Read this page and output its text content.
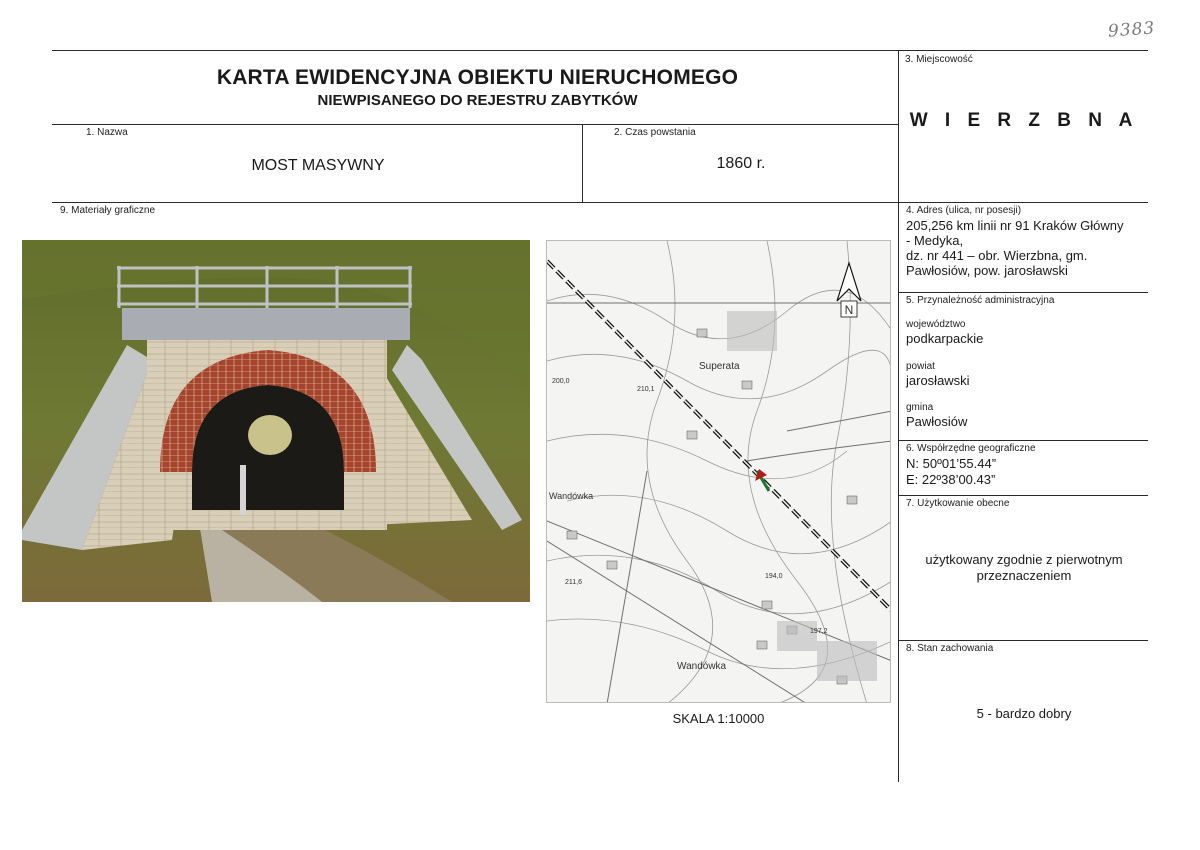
9383
KARTA EWIDENCYJNA OBIEKTU NIERUCHOMEGO
NIEWPISANEGO DO REJESTRU ZABYTKÓW
3. Miejscowość
W I E R Z B N A
1. Nazwa
MOST MASYWNY
2. Czas powstania
1860 r.
9. Materiały graficzne	4. Adres (ulica, nr posesji)
205,256 km linii nr 91 Kraków Główny
- Medyka,
dz. nr 441 – obr. Wierzbna, gm.
Pawłosiów, pow. jarosławski
5. Przynależność administracyjna
województwo
podkarpackie
powiat
jarosławski
gmina
Pawłosiów
6. Współrzędne geograficzne
N: 50º01’55.44”
E: 22º38’00.43”
7. Użytkowanie obecne
użytkowany zgodnie z pierwotnym
przeznaczeniem
8. Stan zachowania
5 - bardzo dobry
N
Superata
Wandówka
Wandówka
200,0
210,1
194,0
197,2
211,6
SKALA 1:10000
